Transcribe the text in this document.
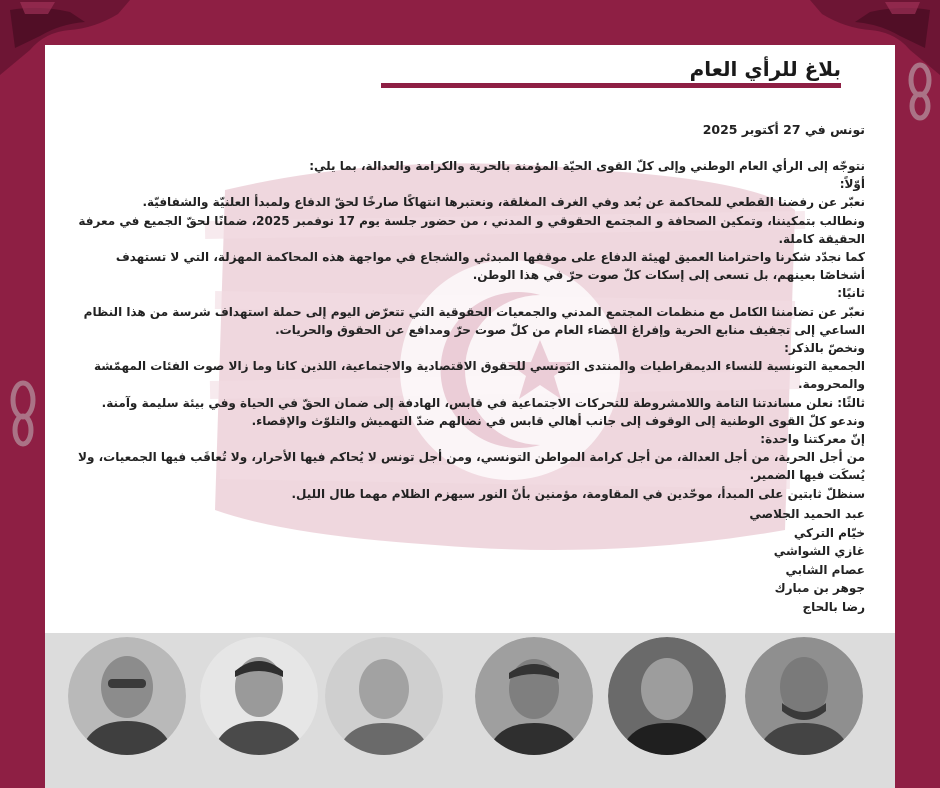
بلاغ للرأي العام
تونس في 27 أكتوبر 2025

نتوجّه إلى الرأي العام الوطني وإلى كلّ القوى الحيّة المؤمنة بالحرية والكرامة والعدالة، بما يلي:

أوّلاً:

نعبّر عن رفضنا القطعي للمحاكمة عن بُعد وفي الغرف المغلقة، ونعتبرها انتهاكًا صارخًا لحقّ الدفاع ولمبدأ العلنيّة والشفافيّة.

ونطالب بتمكيننا، وتمكين الصحافة و المجتمع الحقوقي و المدني ، من حضور جلسة يوم 17 نوفمبر 2025، ضمانًا لحقّ الجميع في معرفة الحقيقة كاملة.

كما نجدّد شكرنا واحترامنا العميق لهيئة الدفاع على موقفها المبدئي والشجاع في مواجهة هذه المحاكمة المهزلة، التي لا تستهدف أشخاصًا بعينهم، بل تسعى إلى إسكات كلّ صوت حرّ في هذا الوطن.

ثانيًا:

نعبّر عن تضامننا الكامل مع منظمات المجتمع المدني والجمعيات الحقوقية التي تتعرّض اليوم إلى حملة استهداف شرسة من هذا النظام الساعي إلى تجفيف منابع الحرية وإفراغ الفضاء العام من كلّ صوت حرّ ومدافع عن الحقوق والحريات.

ونخصّ بالذكر:

الجمعية التونسية للنساء الديمقراطيات والمنتدى التونسي للحقوق الاقتصادية والاجتماعية، اللذين كانا وما زالا صوت الفئات المهمّشة والمحرومة.

ثالثًا: نعلن مساندتنا التامة واللامشروطة للتحركات الاجتماعية في قابس، الهادفة إلى ضمان الحقّ في الحياة وفي بيئة سليمة وآمنة.

وندعو كلّ القوى الوطنية إلى الوقوف إلى جانب أهالي قابس في نضالهم ضدّ التهميش والتلوّث والإقصاء.

إنّ معركتنا واحدة:

من أجل الحرية، من أجل العدالة، من أجل كرامة المواطن التونسي، ومن أجل تونس لا يُحاكم فيها الأحرار، ولا تُعاقَب فيها الجمعيات، ولا يُسكَت فيها الضمير.

سنظلّ ثابتين على المبدأ، موحّدين في المقاومة، مؤمنين بأنّ النور سيهزم الظلام مهما طال الليل.

عبد الحميد الجلاصي

خيّام التركي

غازي الشواشي

عصام الشابي

جوهر بن مبارك

رضا بالحاج
